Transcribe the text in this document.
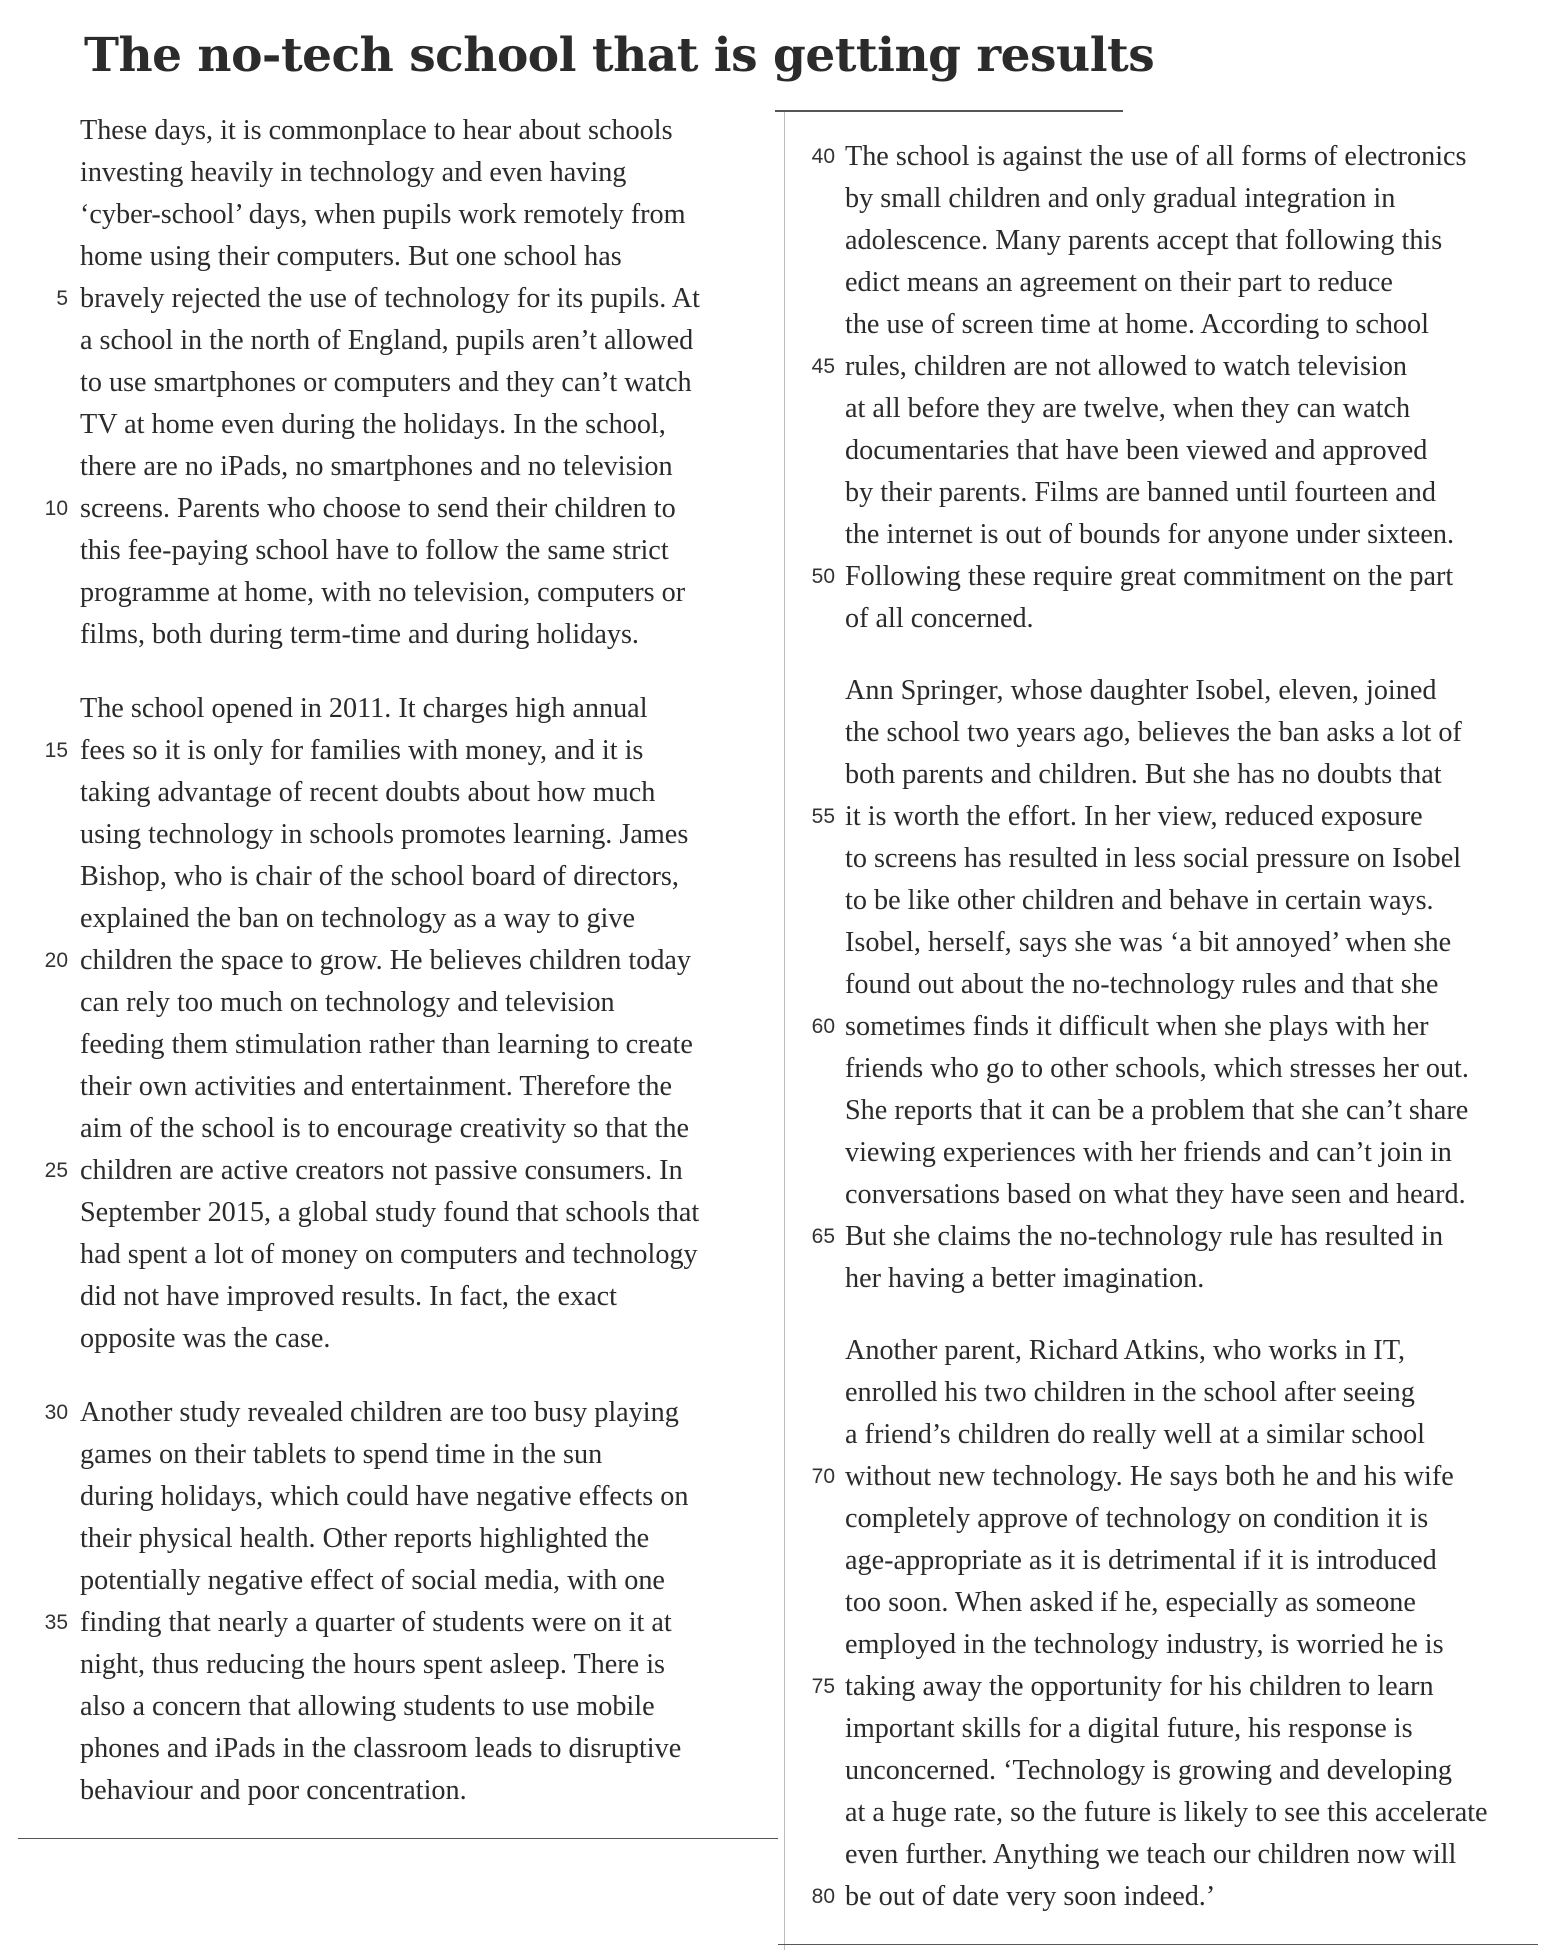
The no-tech school that is getting results
These days, it is commonplace to hear about schools
investing heavily in technology and even having
‘cyber-school’ days, when pupils work remotely from
home using their computers. But one school has
bravely rejected the use of technology for its pupils. At
a school in the north of England, pupils aren’t allowed
to use smartphones or computers and they can’t watch
TV at home even during the holidays. In the school,
there are no iPads, no smartphones and no television
screens. Parents who choose to send their children to
this fee-paying school have to follow the same strict
programme at home, with no television, computers or
films, both during term-time and during holidays.
The school opened in 2011. It charges high annual
fees so it is only for families with money, and it is
taking advantage of recent doubts about how much
using technology in schools promotes learning. James
Bishop, who is chair of the school board of directors,
explained the ban on technology as a way to give
children the space to grow. He believes children today
can rely too much on technology and television
feeding them stimulation rather than learning to create
their own activities and entertainment. Therefore the
aim of the school is to encourage creativity so that the
children are active creators not passive consumers. In
September 2015, a global study found that schools that
had spent a lot of money on computers and technology
did not have improved results. In fact, the exact
opposite was the case.
Another study revealed children are too busy playing
games on their tablets to spend time in the sun
during holidays, which could have negative effects on
their physical health. Other reports highlighted the
potentially negative effect of social media, with one
finding that nearly a quarter of students were on it at
night, thus reducing the hours spent asleep. There is
also a concern that allowing students to use mobile
phones and iPads in the classroom leads to disruptive
behaviour and poor concentration.
5
10
15
20
25
30
35
The school is against the use of all forms of electronics
by small children and only gradual integration in
adolescence. Many parents accept that following this
edict means an agreement on their part to reduce
the use of screen time at home. According to school
rules, children are not allowed to watch television
at all before they are twelve, when they can watch
documentaries that have been viewed and approved
by their parents. Films are banned until fourteen and
the internet is out of bounds for anyone under sixteen.
Following these require great commitment on the part
of all concerned.
Ann Springer, whose daughter Isobel, eleven, joined
the school two years ago, believes the ban asks a lot of
both parents and children. But she has no doubts that
it is worth the effort. In her view, reduced exposure
to screens has resulted in less social pressure on Isobel
to be like other children and behave in certain ways.
Isobel, herself, says she was ‘a bit annoyed’ when she
found out about the no-technology rules and that she
sometimes finds it difficult when she plays with her
friends who go to other schools, which stresses her out.
She reports that it can be a problem that she can’t share
viewing experiences with her friends and can’t join in
conversations based on what they have seen and heard.
But she claims the no-technology rule has resulted in
her having a better imagination.
Another parent, Richard Atkins, who works in IT,
enrolled his two children in the school after seeing
a friend’s children do really well at a similar school
without new technology. He says both he and his wife
completely approve of technology on condition it is
age-appropriate as it is detrimental if it is introduced
too soon. When asked if he, especially as someone
employed in the technology industry, is worried he is
taking away the opportunity for his children to learn
important skills for a digital future, his response is
unconcerned. ‘Technology is growing and developing
at a huge rate, so the future is likely to see this accelerate
even further. Anything we teach our children now will
be out of date very soon indeed.’
40
45
50
55
60
65
70
75
80
